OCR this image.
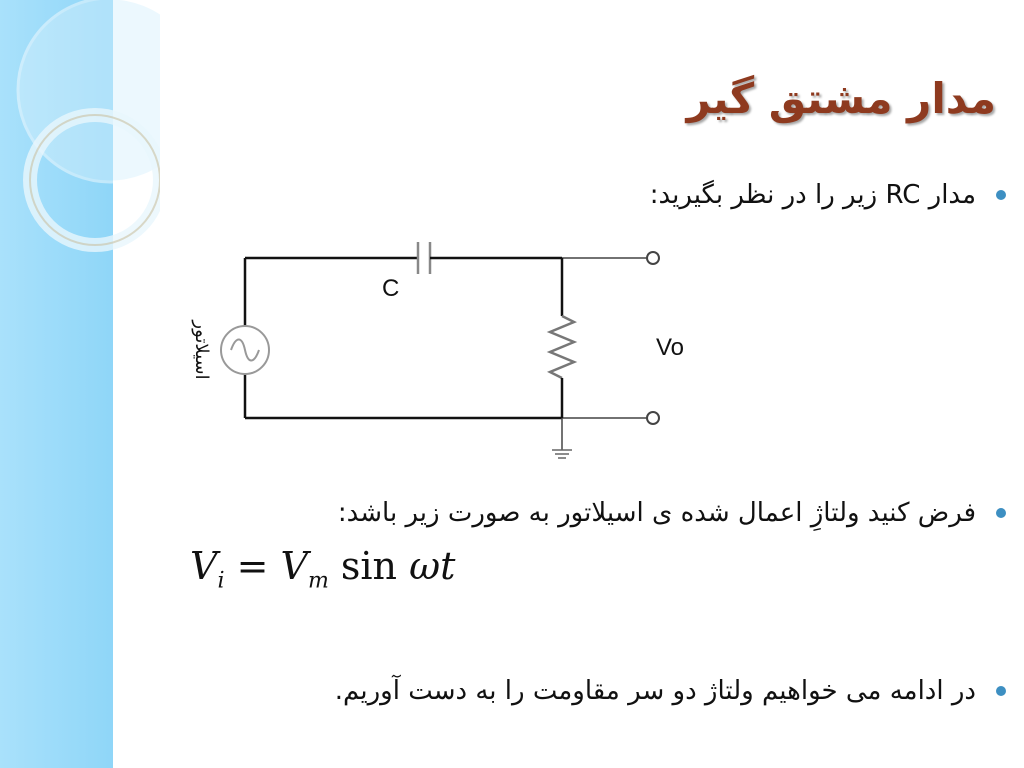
مدار مشتق گیر
مدار RC زیر را در نظر بگیرید:
C
Vo
اسیلاتور
فرض کنید ولتاژِ اعمال شده ی اسیلاتور به صورت زیر باشد:
$V_i = V_m$ sin ωt
در ادامه می خواهیم ولتاژ دو سر مقاومت را به دست آوریم.
